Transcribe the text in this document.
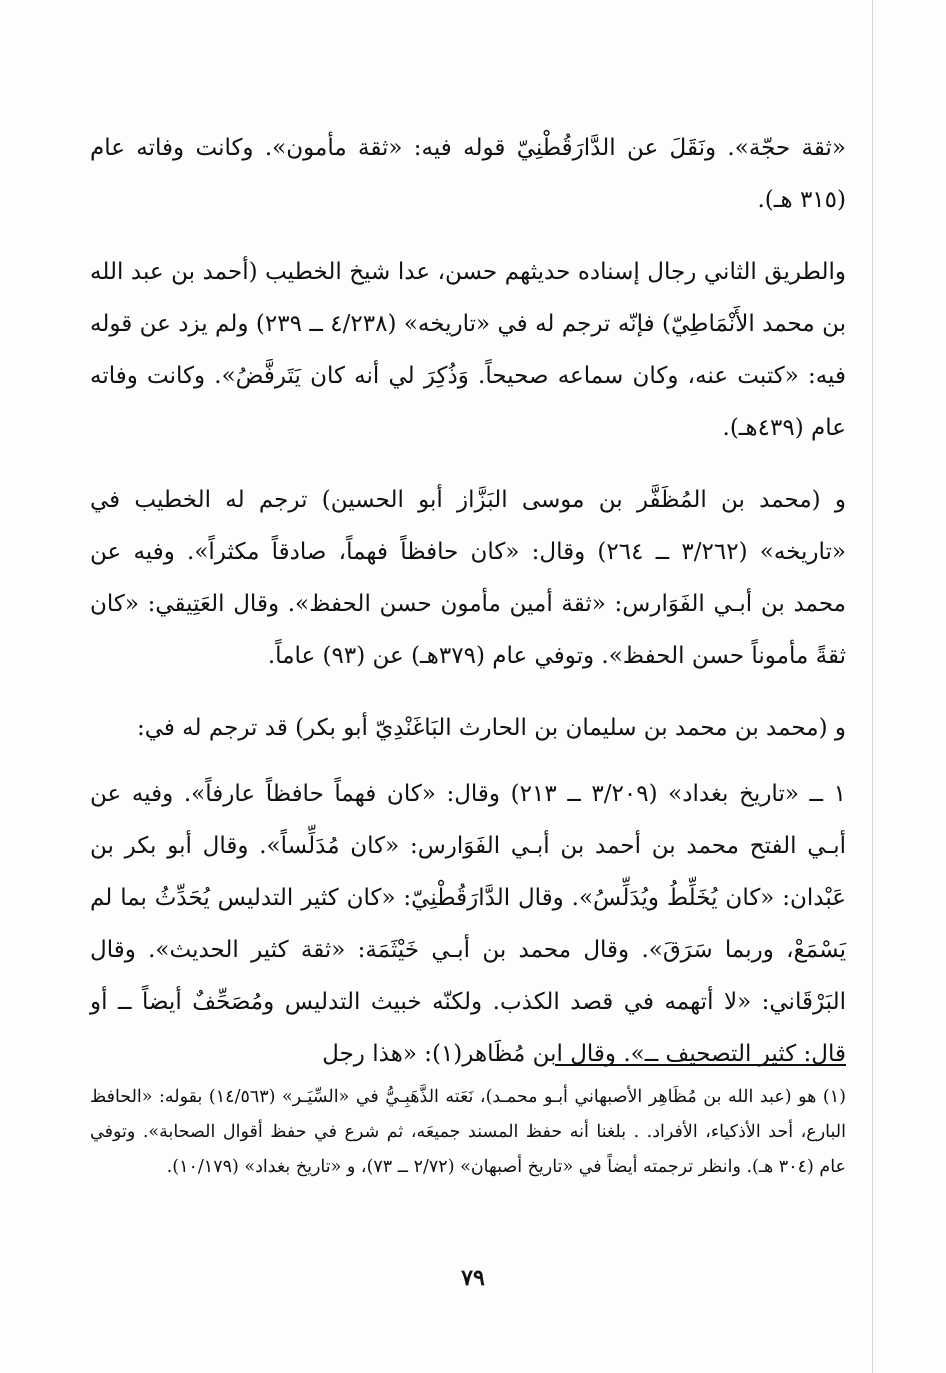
«ثقة حجّة». ونَقَلَ عن الدَّارَقُطْنِيّ قوله فيه: «ثقة مأمون». وكانت وفاته عام (٣١٥ هـ).

والطريق الثاني رجال إسناده حديثهم حسن، عدا شيخ الخطيب (أحمد بن عبد الله بن محمد الأَنْمَاطِيّ) فإنّه ترجم له في «تاريخه» (٤/٢٣٨ ــ ٢٣٩) ولم يزد عن قوله فيه: «كتبت عنه، وكان سماعه صحيحاً. وَذُكِرَ لي أنه كان يَتَرفَّضُ». وكانت وفاته عام (٤٣٩هـ).

و (محمد بن المُظَفَّر بن موسى البَزَّاز أبو الحسين) ترجم له الخطيب في «تاريخه» (٣/٢٦٢ ــ ٢٦٤) وقال: «كان حافظاً فهماً، صادقاً مكثراً». وفيه عن محمد بن أبـي الفَوَارس: «ثقة أمين مأمون حسن الحفظ». وقال العَتِيقي: «كان ثقةً مأموناً حسن الحفظ». وتوفي عام (٣٧٩هـ) عن (٩٣) عاماً.

و (محمد بن محمد بن سليمان بن الحارث البَاغَنْدِيّ أبو بكر) قد ترجم له في:

١ ــ «تاريخ بغداد» (٣/٢٠٩ ــ ٢١٣) وقال: «كان فهماً حافظاً عارفاً». وفيه عن أبـي الفتح محمد بن أحمد بن أبـي الفَوَارس: «كان مُدَلِّساً». وقال أبو بكر بن عَبْدان: «كان يُخَلِّطُ ويُدَلِّسُ». وقال الدَّارَقُطْنِيّ: «كان كثير التدليس يُحَدِّثُ بما لم يَسْمَعْ، وربما سَرَقَ». وقال محمد بن أبـي خَيْثَمَة: «ثقة كثير الحديث». وقال البَرْقَاني: «لا أتهمه في قصد الكذب. ولكنّه خبيث التدليس ومُصَحِّفٌ أيضاً ــ أو قال: كثير التصحيف ــ». وقال ابن مُظَاهر(١): «هذا رجل

(١) هو (عبد الله بن مُظَاهِر الأصبهاني أبـو محمـد)، نَعَته الذَّهَبِـيُّ في «السِّيَـر» (١٤/٥٦٣) بقوله: «الحافظ البارع، أحد الأذكياء، الأفراد. . بلغنا أنه حفظ المسند جميعَه، ثم شرع في حفظ أقوال الصحابة». وتوفي عام (٣٠٤ هـ). وانظر ترجمته أيضاً في «تاريخ أصبهان» (٢/٧٢ ــ ٧٣)، و «تاريخ بغداد» (١٠/١٧٩).
٧٩
